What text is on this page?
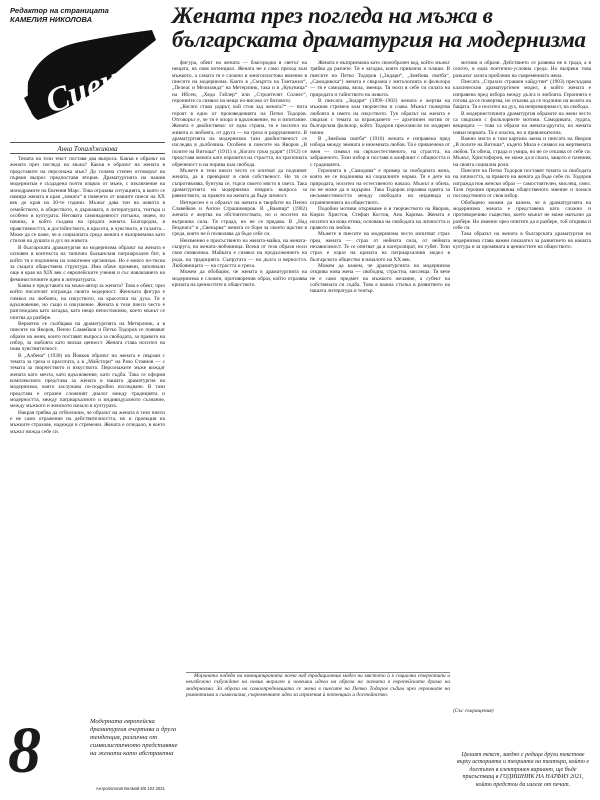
Редактор на страницата
КАМЕЛИЯ НИКОЛОВА
Сцена
Жената през погледа на мъжа в българската драматургия на модернизма
Анна Топалджикова

Темата на този текст поставя два въпроса. Какъв е образът на жената през погледа на мъжа? Какъв е образът на жената в представите на персонажа мъж? До голяма степен отговорът на първия въпрос предпоставя втория. Драматургията на нашия модернизъм е създадена почти изцяло от мъже, с изключение на монодрамите на Евгения Марс. Това отразява ситуацията, в която се намира жената в края „зимата“ в повечето от нашите пиеси на ХХ век до края на 30-те години. Мъжът дава тон на живота в семейството, в обществото, в държавата, в литературата, театъра и особено в културата. Неговата самонадеяност изтъкна, знаем, по начина, в който създава на средата жената. Благородна, в нравствеността, в достойнството, в красота, в чувството, в таланта... Може да се каже, че в социалната среда жената е възприемана като стихия на душата и дух на живота.

В българската драматургия на модернизма образът на жената е основен в контекста на типично балканския патриархален бит, в който тя е подчинена на хомогенен организъм. Но е много по-тясна за същата обществена структура. Има обаче промени, започнали още в края на XIX век с европейските учения и със навлизането на феминистичните идеи в литературата.

Каква е представата на мъжа-автор за жената? Това е обект, чрез който писателят изгражда своята модерност. Женската фигура е символ на любовта, на изкуството, на красотата на духа. Тя е вдъхновение, но също и изкушение. Жената в тези пиеси често е разглеждана като загадка, като нещо непостижимо, което мъжът се опитва да разбере.

Вероятно се съобщава на драматургията на Метерлинк, а в пиесите на Яворов, Пенчо Славейков и Петко Тодоров се появяват образи на жени, които поставят въпроса за свободата, за правото на избор, за любовта като висша ценност. Жената става носител на нова чувствителност.

В „Албена“ (1930) на Йовков образът на жената е свързан с темата за греха и красотата, а в „Майстори“ на Рачо Стоянов — с темата за творчеството и изкуството. Персонажите мъже виждат жената като мечта, като вдъхновение, като съдба. Така се оформя комплексната представа за жената в нашата драматургия на модернизма, която заслужава по-подробно изследване. В тази представа е отразен сложният диалог между традицията и модерността, между патриархалното и индивидуалното съзнание, между мъжкото и женското начало в културата.

Накрая трябва да отбележим, че образът на жената в тези пиеси е не само отражение на действителността, но и проекция на мъжките страхове, надежди и стремежи. Жената е огледало, в което мъжът вижда себе си.

фигура, обект на жената — благородна в светът на нещата, на своя потенциал. Жената не е само преход към мъжкото, а самата тя е сложно и многопластово явление в пиесите на модернизма. Както в „Смъртта на Тантажил“, „Пелеас и Мелизанда“ на Метерлинк, така и в „Кукувица“ на Ибсен, „Хеда Габлер“ или „Строителят Солнес“, героините са символ на нещо по-високо от битовото.

„Когато става ударът, кой стои зад жената?“ — пита героят в едно от произведенията на Петко Тодоров. Отговорът е, че тя е опора и вдъхновение, но и изпитание. Жената е двойнствена: от една страна, тя е носител на живота и любовта, от друга — на греха и разрушението. В драматургията на модернизма тази двойнственост се изследва в дълбочина. Особено в пиесите на Яворов „В полите на Витоша“ (1911) и „Когато гръм удари“ (1912) се представя жената като изразител на страстта, на трагичната обреченост и на порива към свобода.

Мъжете в тези пиеси често се опитват да подчинят жената, да я превърнат в своя собственост. Но тя се съпротивлява, бунтува се, търси своето място в света. Така драматургията на модернизма повдига въпроса за равенството, за правото на жената да бъде личност.

Интересен е и образът на жената в творбите на Пенчо Славейков и Антон Страшимиров. В „Вампир“ (1902) жената е жертва на обстоятелствата, но и носител на вътрешна сила. Тя страда, но не се предава. В „Над безднага“ и „Свекърва“ жената се бори за своето щастие в среда, която не ѝ позволява да бъде себе си.

Неизменно е присъствието на жената-майка, на жената-съпруга, на жената-любовница. Всеки от тези образи носи своя символика. Майката е символ на продължението на рода, на традицията. Съпругата — на дълга и верността. Любовницата — на страстта и греха.

Можем да обобщим, че жената в драматургията на модернизма е сложен, противоречив образ, който отразява кризата на ценностите в обществото.

Жената е възприемана като своеобразен код, който мъжът трябва да разчете. Тя е загадка, която привлича и плаши. В пиесите на Петко Тодоров („Зидари“, „Змейова сватба“, „Самодивска“) жената е свързана с митологията и фолклора — тя е самодива, вила, змеица. Тя носи в себе си силата на природата и тайнството на живота.

В пиесата „Зидари“ (1899–1902) жената е жертва на мъжкия стремеж към творчество и слава. Мъжът пожертва любовта в името на изкуството. Тук образът на жената е свързан с темата за вграждането — архетипен мотив от българския фолклор, който Тодоров преосмисля по модерен начин.

В „Змейова сватба“ (1910) жената е изправена пред избора между земната и неземната любов. Тя е привлечена от змея — символ на свръхестественото, на страстта, на забраненото. Този избор я поставя в конфликт с общността и с традицията.

Героинята в „Самодива“ е пример за свободната жена, която не се подчинява на социалните норми. Тя е дете на природата, носител на естественото начало. Мъжът я обича, но не може да я задържи. Така Тодоров изразява идеята за несъвместимостта между свободата на индивида и ограниченията на обществото.

Подобни мотиви откриваме и в творчеството на Яворов, Кирил Христов, Стефан Костов, Ана Карима. Жената е носител на нова етика, основана на свободата на личността и правото на любов.

Мъжете в пиесите на модернизма често изпитват страх пред жената — страх от нейната сила, от нейната независимост. Те се опитват да я контролират, но губят. Този страх е израз на кризата на патриархалния модел в българското общество в началото на ХХ век.

Можем да кажем, че драматургията на модернизма открива нова жена — свободна, страстна, мислеща. Тя вече не е само предмет на мъжкото желание, а субект на собствената си съдба. Това е важна стъпка в развитието на нашата литература и театър.

мотиви и образи. Действието се развива не в града, а в селото, в една поетично-условна среда. Но въпреки това разказът засяга проблеми на съвременната жена.

Пиесата „Страхил страшен хайдутин“ (1903) пресъздава класическия драматургичен модел, в който жената е изправена пред избора между дълга и любовта. Героинята е готова да се пожертва, но отказва да се подчини на волята на бащата. Тя е носител на дух, на непримиримост, на свобода.

В модернистичната драматургия образите на жени често са свързани с фолклорните мотиви. Самодивата, лудата, вещицата — това са образи на жената-другата, на жената извън нормата. Тя е опасна, но и привлекателна.

Важно място в тази картина заема и пиесата на Яворов „В полите на Витоша“, където Мила е символ на жертвената любов. Тя обича, страда и умира, но не се отказва от себе си. Мъжът, Христофоров, не може да я спаси, защото е пленник на своята социална роля.

Пиесите на Петко Тодоров поставят темата за свободата на личността, за правото на жената да бъде себе си. Тодоров изгражда нов женски образ — самостоятелен, мислещ, смел. Тази героиня предизвиква общественото мнение и понася последствията от своя избор.

Обобщено можем да кажем, че в драматургията на модернизма жената е представена като сложно и противоречиво същество, което мъжът не може напълно да разбере. Но именно чрез опитите да я разбере, той открива и себе си.

Така образът на жената в българската драматургия на модернизма става важен показател за развитието на нашата култура и за промяната в ценностите на обществото.

(Със съкращения)
8	Модерната европейска драматургия очертава и друга тенденция, различна от символистичното представяне на жената като абстрактна

Мораната победа на еманципираната жена над традиционния модел на мястото ѝ в социални стереотипи и неизбежно събуждане на новия морален и човешки идеал на образа на жената в европейската драма на модернизма. За образа на самоопределящата се жена в пиесите на Петко Тодоров съдим чрез героините на романтизма и символизма, съвременните идеи за изразения ѝ потенциал и достойнство.

Антропология Бялмой 5/6 102 2021
Цялият текст, заедно с редица други текстове върху историята и теорията на театъра, който е достъпен в електронен вариант, ще бъде присъстващ в ГОДИШНИК НА НАТФИЗ 2021, който предстои да излезе от печат.
